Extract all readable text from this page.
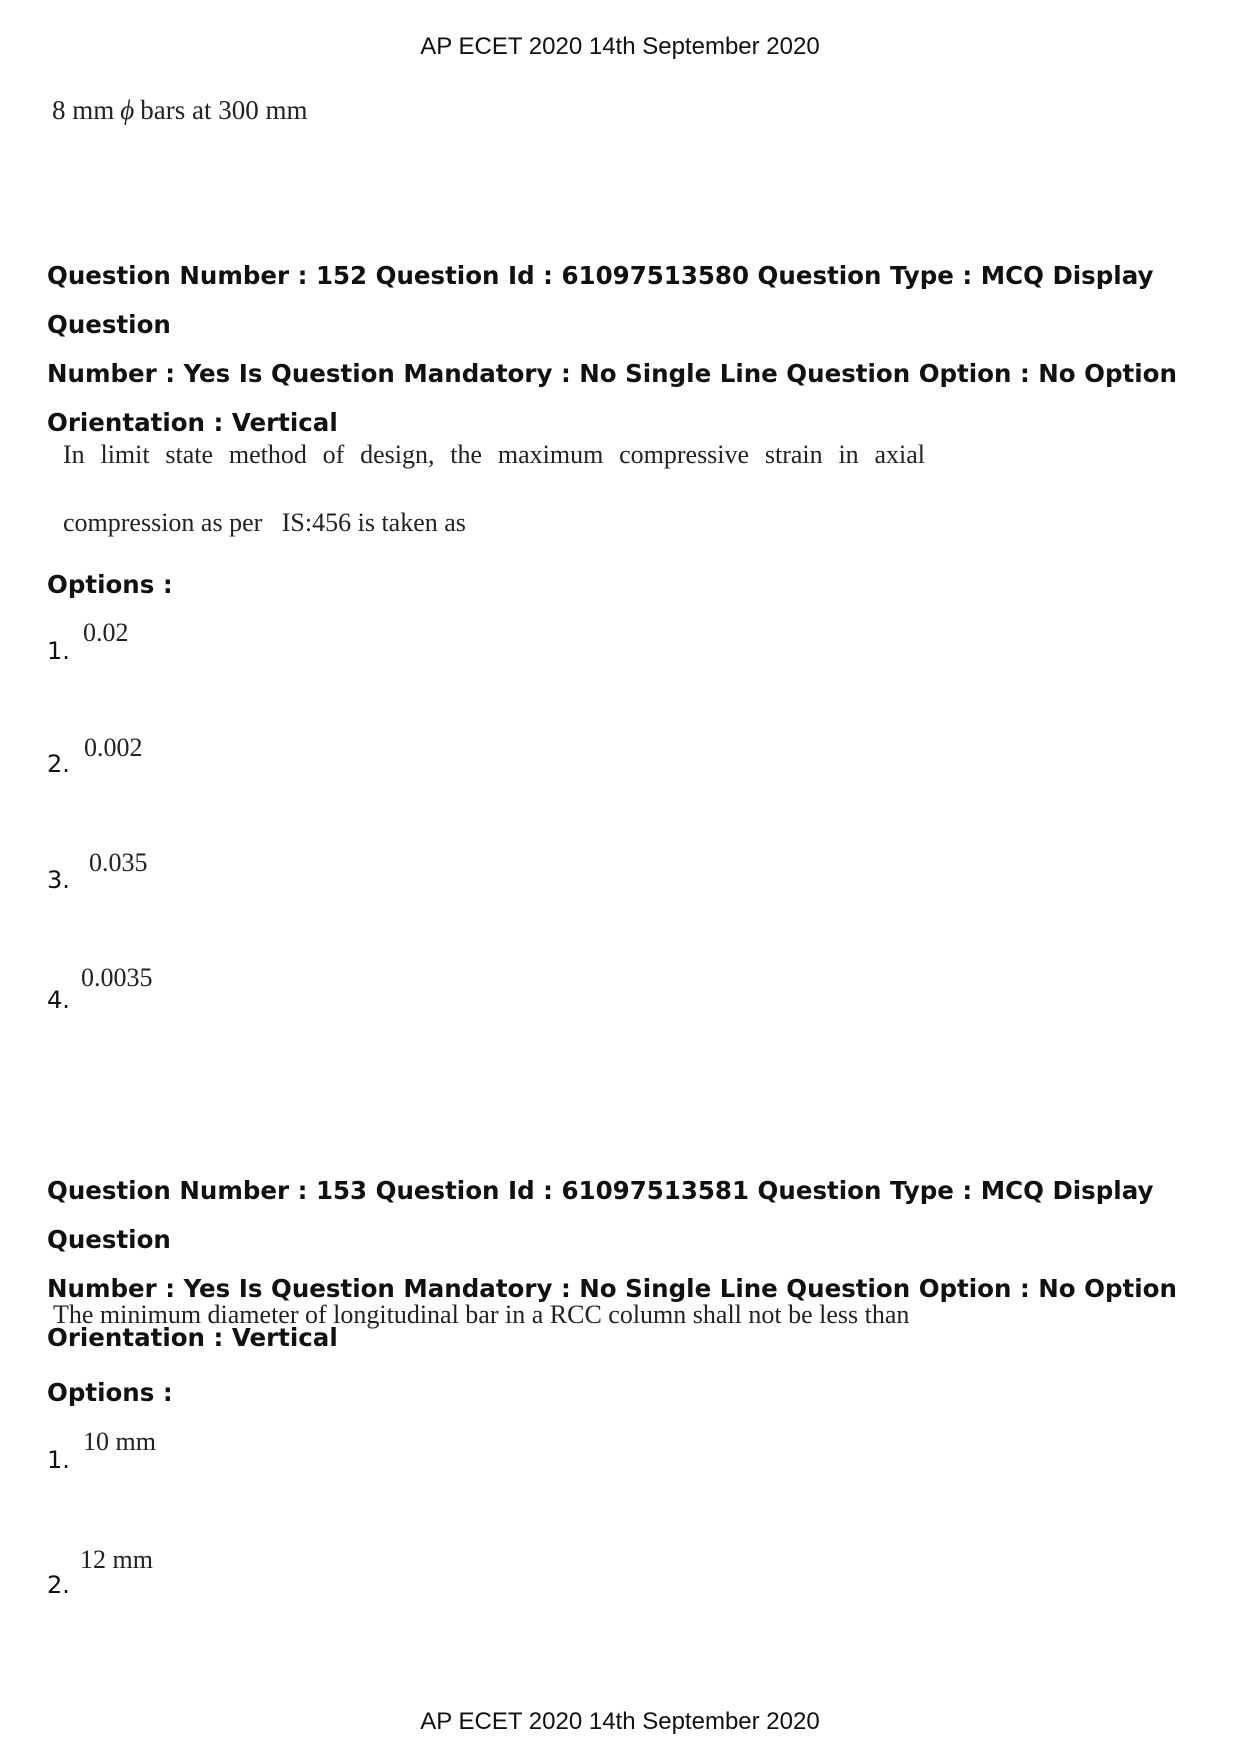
AP ECET 2020 14th September 2020
8 mm ϕ bars at 300 mm
Question Number : 152 Question Id : 61097513580 Question Type : MCQ Display Question
Number : Yes Is Question Mandatory : No Single Line Question Option : No Option
Orientation : Vertical
In limit state method of design, the maximum compressive strain in axial
compression as per   IS:456 is taken as
Options :
1.
0.02
2.
0.002
3.
0.035
4.
0.0035
Question Number : 153 Question Id : 61097513581 Question Type : MCQ Display Question
Number : Yes Is Question Mandatory : No Single Line Question Option : No Option
Orientation : Vertical
The minimum diameter of longitudinal bar in a RCC column shall not be less than
Options :
1.
10 mm
2.
12 mm
AP ECET 2020 14th September 2020
